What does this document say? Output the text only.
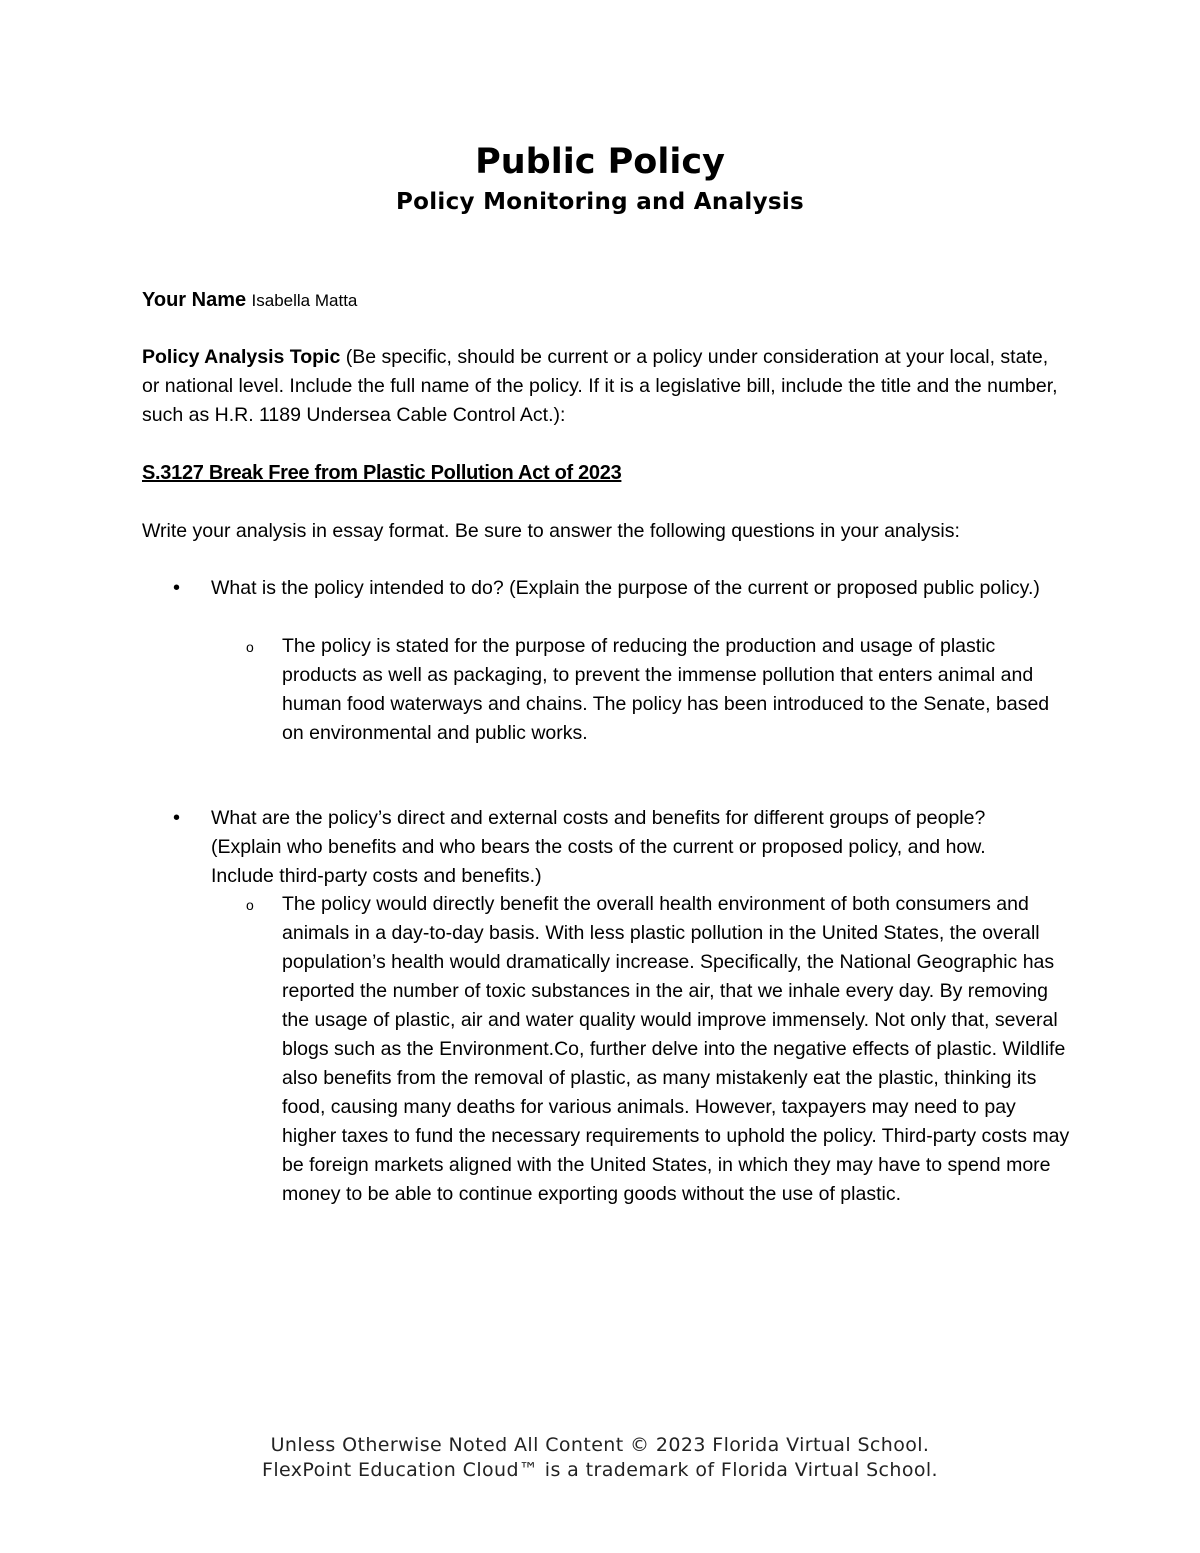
Public Policy
Policy Monitoring and Analysis
Your Name Isabella Matta
Policy Analysis Topic (Be specific, should be current or a policy under consideration at your local, state, or national level. Include the full name of the policy. If it is a legislative bill, include the title and the number, such as H.R. 1189 Undersea Cable Control Act.):
S.3127 Break Free from Plastic Pollution Act of 2023
Write your analysis in essay format. Be sure to answer the following questions in your analysis:
•	What is the policy intended to do? (Explain the purpose of the current or proposed public policy.)
o	The policy is stated for the purpose of reducing the production and usage of plastic products as well as packaging, to prevent the immense pollution that enters animal and human food waterways and chains. The policy has been introduced to the Senate, based on environmental and public works.
•	What are the policy’s direct and external costs and benefits for different groups of people? (Explain who benefits and who bears the costs of the current or proposed policy, and how. Include third-party costs and benefits.)
o	The policy would directly benefit the overall health environment of both consumers and animals in a day-to-day basis. With less plastic pollution in the United States, the overall population’s health would dramatically increase. Specifically, the National Geographic has reported the number of toxic substances in the air, that we inhale every day. By removing the usage of plastic, air and water quality would improve immensely. Not only that, several blogs such as the Environment.Co, further delve into the negative effects of plastic. Wildlife also benefits from the removal of plastic, as many mistakenly eat the plastic, thinking its food, causing many deaths for various animals. However, taxpayers may need to pay higher taxes to fund the necessary requirements to uphold the policy. Third-party costs may be foreign markets aligned with the United States, in which they may have to spend more money to be able to continue exporting goods without the use of plastic.
Unless Otherwise Noted All Content © 2023 Florida Virtual School.
FlexPoint Education Cloud™ is a trademark of Florida Virtual School.
